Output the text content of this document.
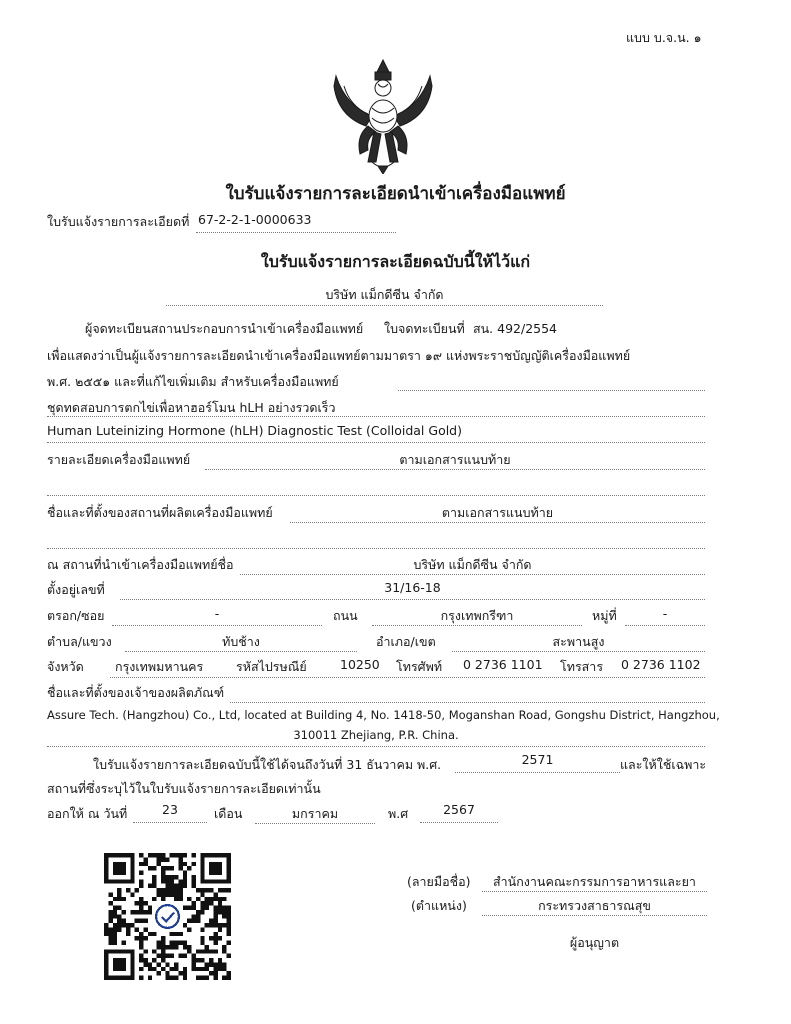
แบบ บ.จ.น. ๑
ใบรับแจ้งรายการละเอียดนำเข้าเครื่องมือแพทย์
ใบรับแจ้งรายการละเอียดที่ 67-2-2-1-0000633
ใบรับแจ้งรายการละเอียดฉบับนี้ให้ไว้แก่
บริษัท แม็กดีซีน จำกัด
ผู้จดทะเบียนสถานประกอบการนำเข้าเครื่องมือแพทย์ ใบจดทะเบียนที่ สน. 492/2554
เพื่อแสดงว่าเป็นผู้แจ้งรายการละเอียดนำเข้าเครื่องมือแพทย์ตามมาตรา ๑๙ แห่งพระราชบัญญัติเครื่องมือแพทย์
พ.ศ. ๒๕๕๑ และที่แก้ไขเพิ่มเติม สำหรับเครื่องมือแพทย์
ชุดทดสอบการตกไข่เพื่อหาฮอร์โมน hLH อย่างรวดเร็ว
Human Luteinizing Hormone (hLH) Diagnostic Test (Colloidal Gold)
รายละเอียดเครื่องมือแพทย์	ตามเอกสารแนบท้าย
ชื่อและที่ตั้งของสถานที่ผลิตเครื่องมือแพทย์	ตามเอกสารแนบท้าย
ณ สถานที่นำเข้าเครื่องมือแพทย์ชื่อ	บริษัท แม็กดีซีน จำกัด
ตั้งอยู่เลขที่	31/16-18
ตรอก/ซอย	-	ถนน	กรุงเทพกรีฑา	หมู่ที่	-
ตำบล/แขวง	ทับช้าง	อำเภอ/เขต	สะพานสูง
จังหวัด กรุงเทพมหานคร	รหัสไปรษณีย์	10250 โทรศัพท์ 0 2736 1101 โทรสาร 0 2736 1102
ชื่อและที่ตั้งของเจ้าของผลิตภัณฑ์
Assure Tech. (Hangzhou) Co., Ltd, located at Building 4, No. 1418-50, Moganshan Road, Gongshu District, Hangzhou,
310011 Zhejiang, P.R. China.
ใบรับแจ้งรายการละเอียดฉบับนี้ใช้ได้จนถึงวันที่ 31 ธันวาคม พ.ศ.	2571	และให้ใช้เฉพาะ
สถานที่ซึ่งระบุไว้ในใบรับแจ้งรายการละเอียดเท่านั้น
ออกให้ ณ วันที่	23	เดือน	มกราคม	พ.ศ	2567
(ลายมือชื่อ)	สำนักงานคณะกรรมการอาหารและยา
(ตำแหน่ง)	กระทรวงสาธารณสุข
ผู้อนุญาต
